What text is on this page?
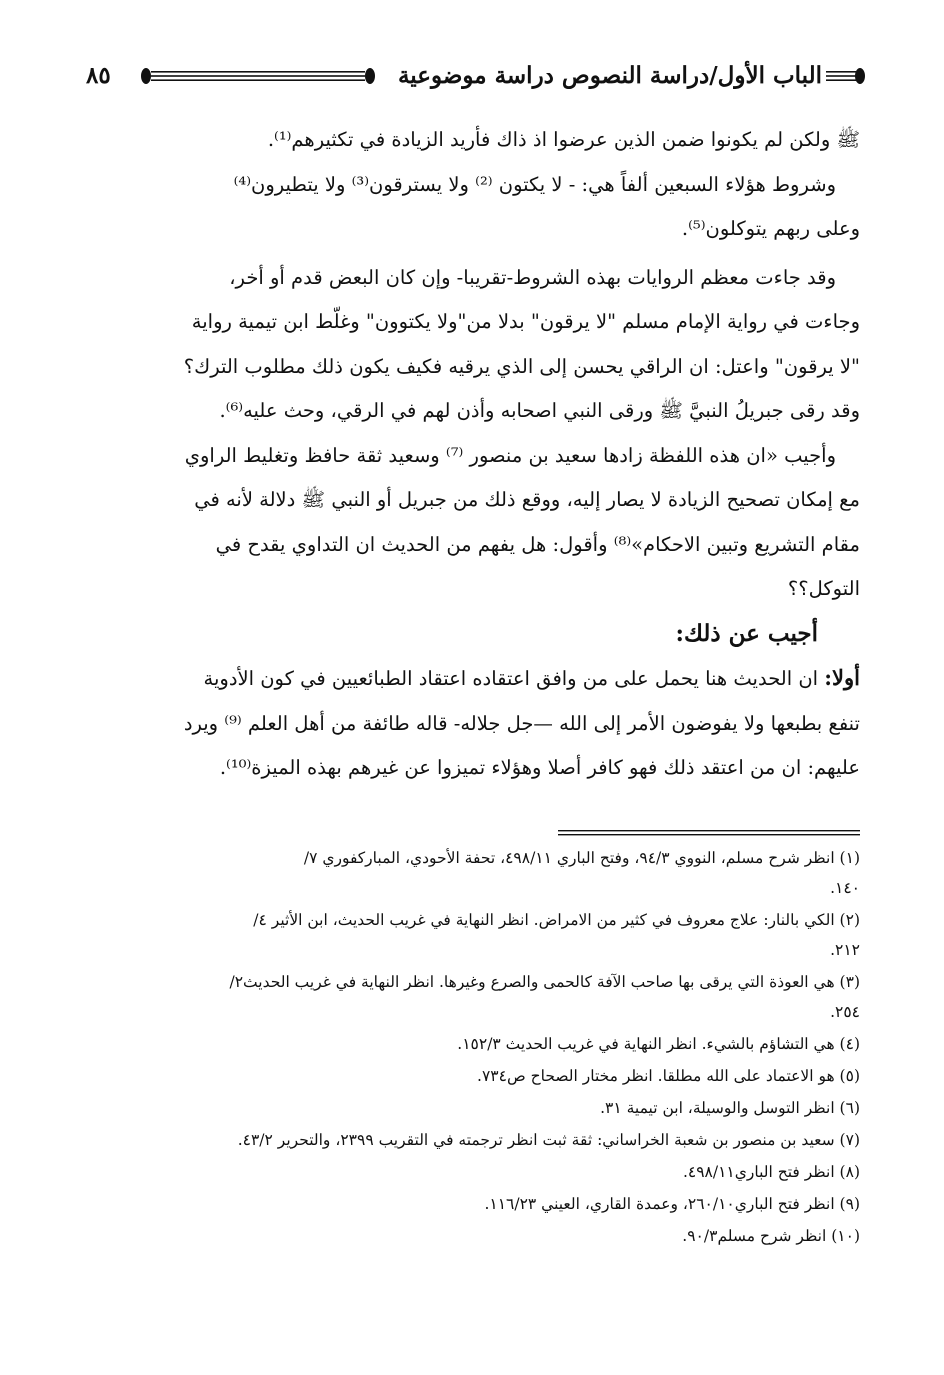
الباب الأول/دراسة النصوص دراسة موضوعية
٨٥

ﷺ ولكن لم يكونوا ضمن الذين عرضوا اذ ذاك فأريد الزيادة في تكثيرهم⁽¹⁾.

وشروط هؤلاء السبعين ألفاً هي: - لا يكتون ⁽²⁾ ولا يسترقون⁽³⁾ ولا يتطيرون⁽⁴⁾

وعلى ربهم يتوكلون⁽⁵⁾.

وقد جاءت معظم الروايات بهذه الشروط-تقريبا- وإن كان البعض قدم أو أخر،

وجاءت في رواية الإمام مسلم "لا يرقون" بدلا من"ولا يكتوون" وغلّط ابن تيمية رواية

"لا يرقون" واعتل: ان الراقي يحسن إلى الذي يرقيه فكيف يكون ذلك مطلوب الترك؟

وقد رقى جبريلُ النبيَّ ﷺ ورقى النبي اصحابه وأذن لهم في الرقي، وحث عليه⁽⁶⁾.

وأجيب «ان هذه اللفظة زادها سعيد بن منصور ⁽⁷⁾ وسعيد ثقة حافظ وتغليط الراوي

مع إمكان تصحيح الزيادة لا يصار إليه، ووقع ذلك من جبريل أو النبي ﷺ دلالة لأنه في

مقام التشريع وتبين الاحكام»⁽⁸⁾ وأقول: هل يفهم من الحديث ان التداوي يقدح في

التوكل؟؟

أجيب عن ذلك:

أولا: ان الحديث هنا يحمل على من وافق اعتقاده اعتقاد الطبائعيين في كون الأدوية

تنفع بطبعها ولا يفوضون الأمر إلى الله —جل جلاله- قاله طائفة من أهل العلم ⁽⁹⁾ ويرد

عليهم: ان من اعتقد ذلك فهو كافر أصلا وهؤلاء تميزوا عن غيرهم بهذه الميزة⁽¹⁰⁾.

(١) انظر شرح مسلم، النووي ٩٤/٣، وفتح الباري ٤٩٨/١١، تحفة الأحودي، المباركفوري ٧/
١٤٠.
(٢) الكي بالنار: علاج معروف في كثير من الامراض. انظر النهاية في غريب الحديث، ابن الأثير ٤/
٢١٢.
(٣) هي العوذة التي يرقى بها صاحب الآفة كالحمى والصرع وغيرها. انظر النهاية في غريب الحديث٢/
٢٥٤.
(٤) هي التشاؤم بالشيء. انظر النهاية في غريب الحديث ١٥٢/٣.
(٥) هو الاعتماد على الله مطلقا. انظر مختار الصحاح ص٧٣٤.
(٦) انظر التوسل والوسيلة، ابن تيمية ٣١.
(٧) سعيد بن منصور بن شعبة الخراساني: ثقة ثبت انظر ترجمته في التقريب ٢٣٩٩، والتحرير ٤٣/٢.
(٨) انظر فتح الباري٤٩٨/١١.
(٩) انظر فتح الباري٢٦٠/١٠، وعمدة القاري، العيني ١١٦/٢٣.
(١٠) انظر شرح مسلم٩٠/٣.
